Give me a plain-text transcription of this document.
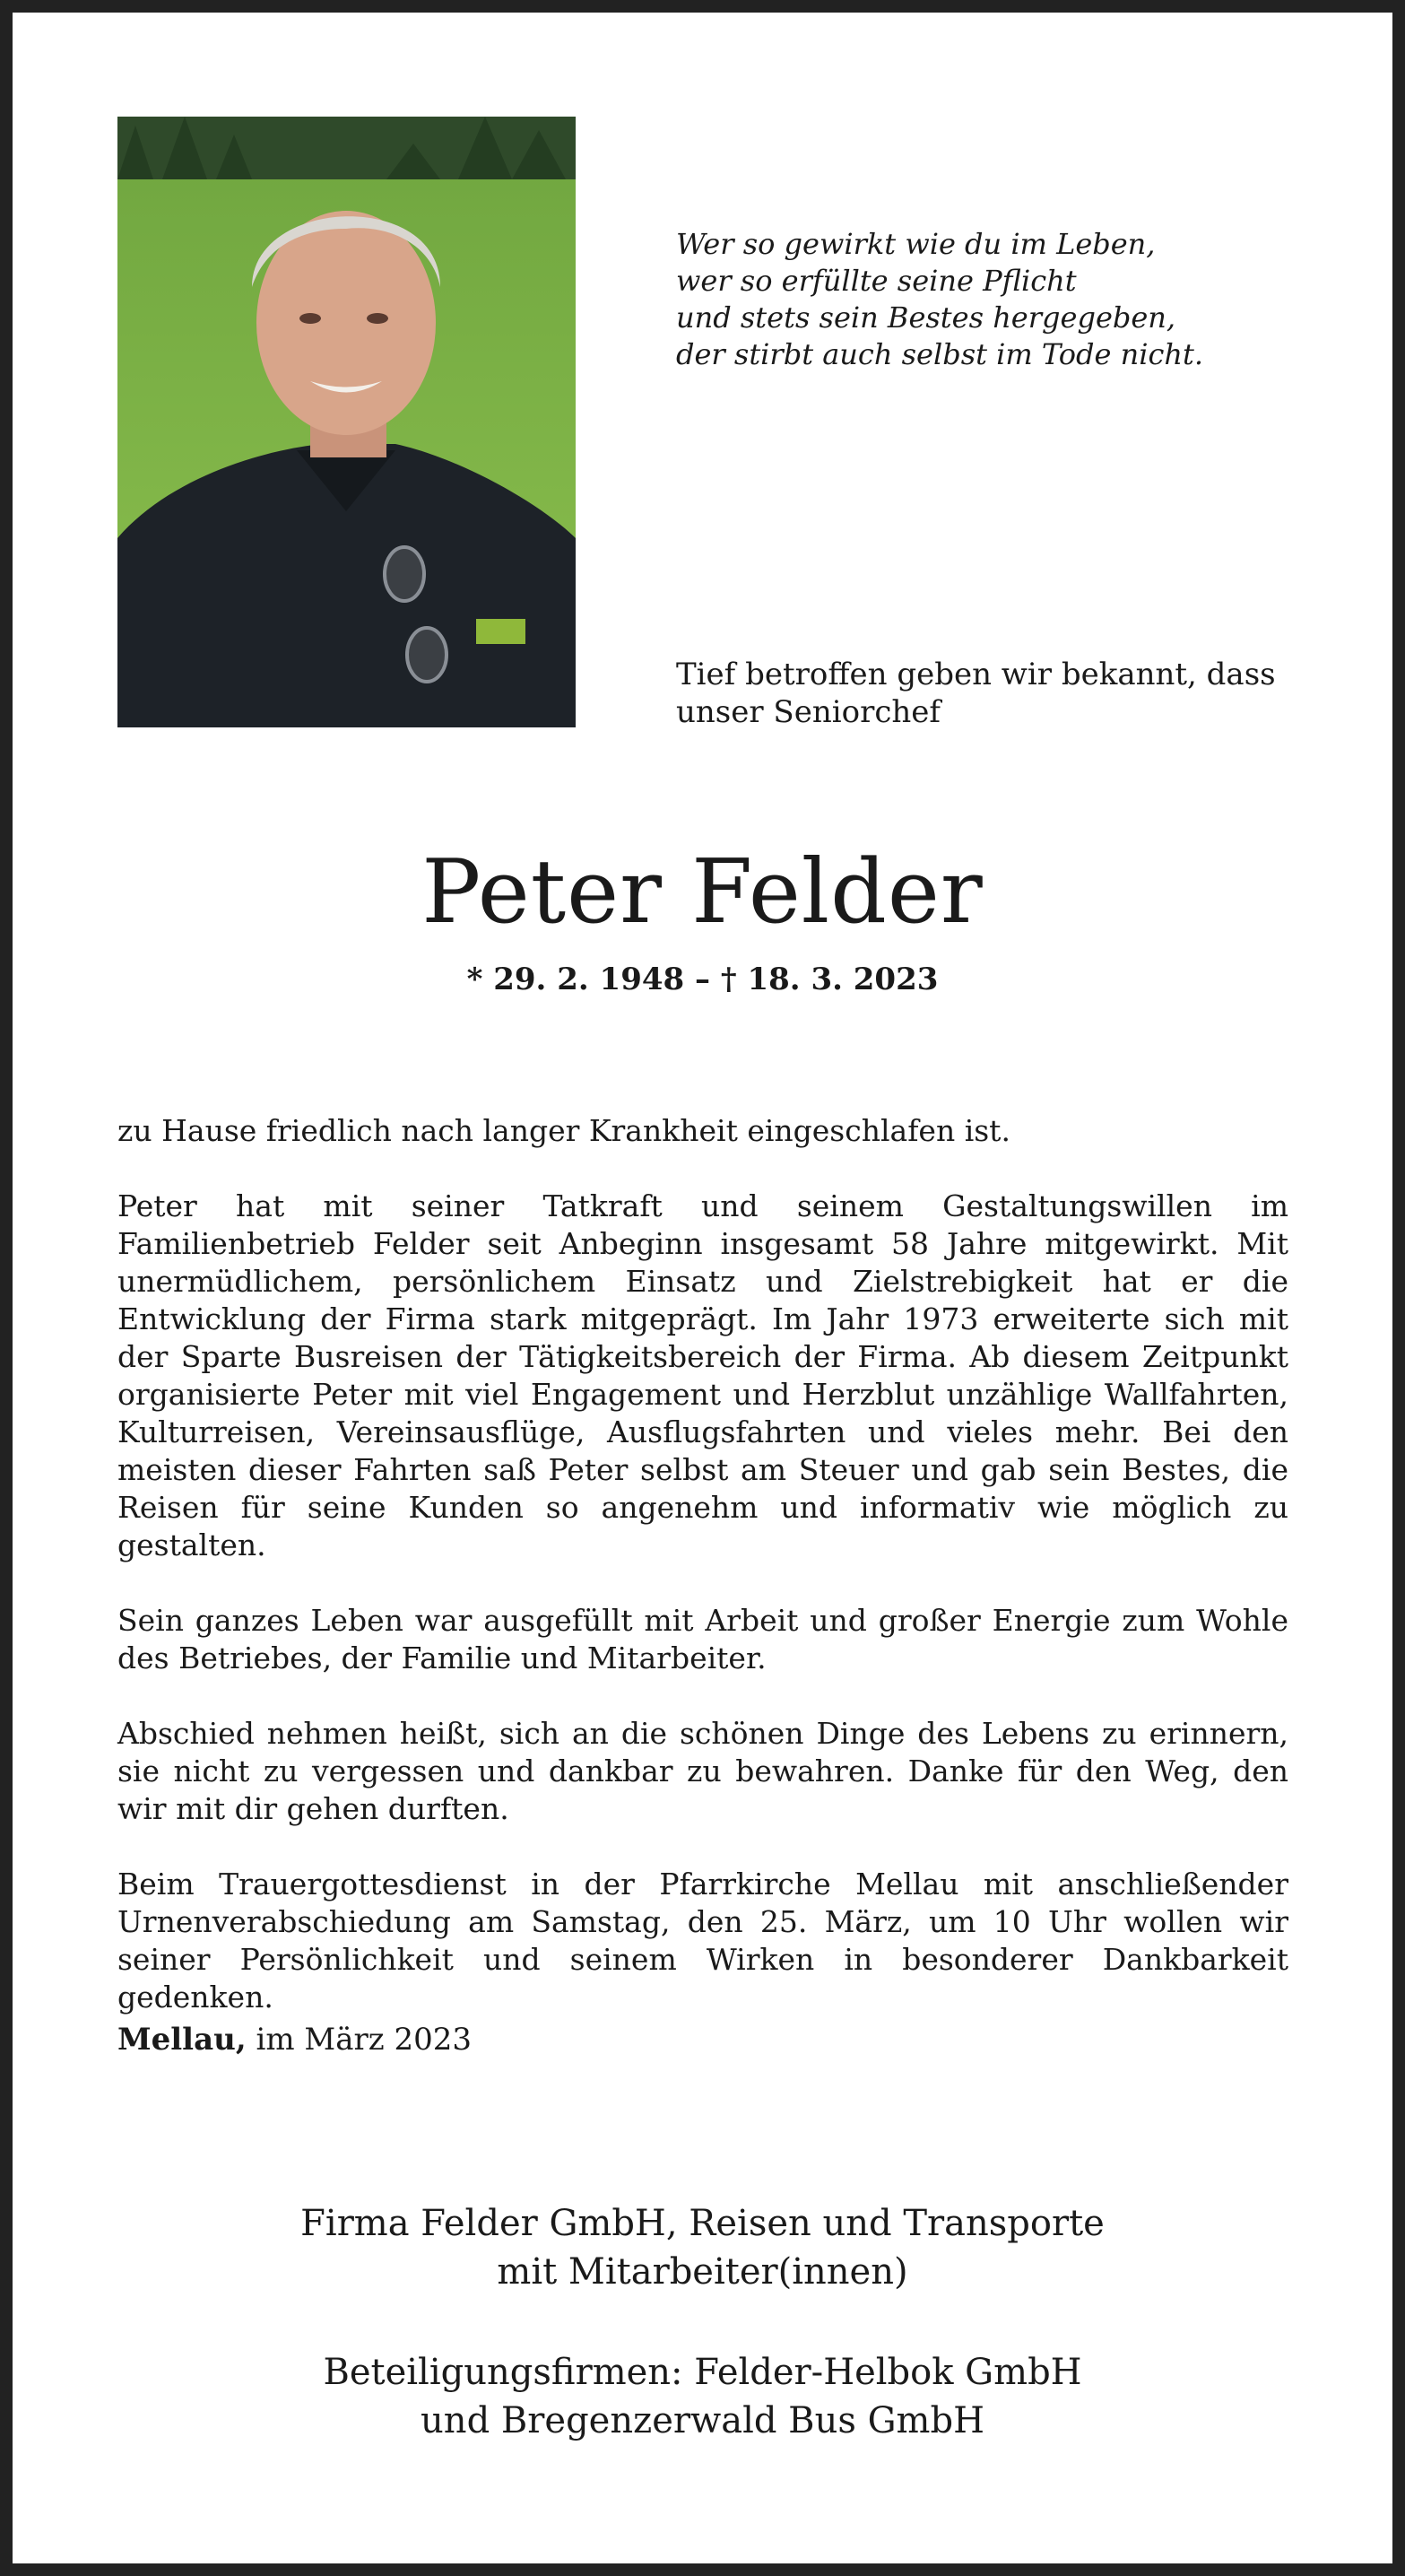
Wer so gewirkt wie du im Leben,
wer so erfüllte seine Pflicht
und stets sein Bestes hergegeben,
der stirbt auch selbst im Tode nicht.
Tief betroffen geben wir bekannt, dass unser Seniorchef
Peter Felder
* 29. 2. 1948 – † 18. 3. 2023

zu Hause friedlich nach langer Krankheit eingeschlafen ist.

Peter hat mit seiner Tatkraft und seinem Gestaltungswillen im Familienbetrieb Felder seit Anbeginn insgesamt 58 Jahre mitgewirkt. Mit unermüdlichem, persönlichem Einsatz und Zielstrebigkeit hat er die Entwicklung der Firma stark mitgeprägt. Im Jahr 1973 erweiterte sich mit der Sparte Busreisen der Tätigkeitsbereich der Firma. Ab diesem Zeitpunkt organisierte Peter mit viel Engagement und Herzblut unzählige Wallfahrten, Kulturreisen, Vereinsausflüge, Ausflugsfahrten und vieles mehr. Bei den meisten dieser Fahrten saß Peter selbst am Steuer und gab sein Bestes, die Reisen für seine Kunden so angenehm und informativ wie möglich zu gestalten.

Sein ganzes Leben war ausgefüllt mit Arbeit und großer Energie zum Wohle des Betriebes, der Familie und Mitarbeiter.

Abschied nehmen heißt, sich an die schönen Dinge des Lebens zu erinnern, sie nicht zu vergessen und dankbar zu bewahren. Danke für den Weg, den wir mit dir gehen durften.

Beim Trauergottesdienst in der Pfarrkirche Mellau mit anschließender Urnenverabschiedung am Samstag, den 25. März, um 10 Uhr wollen wir seiner Persönlichkeit und seinem Wirken in besonderer Dankbarkeit gedenken.

Mellau, im März 2023
Firma Felder GmbH, Reisen und Transporte
mit Mitarbeiter(innen)
Beteiligungsfirmen: Felder-Helbok GmbH
und Bregenzerwald Bus GmbH
